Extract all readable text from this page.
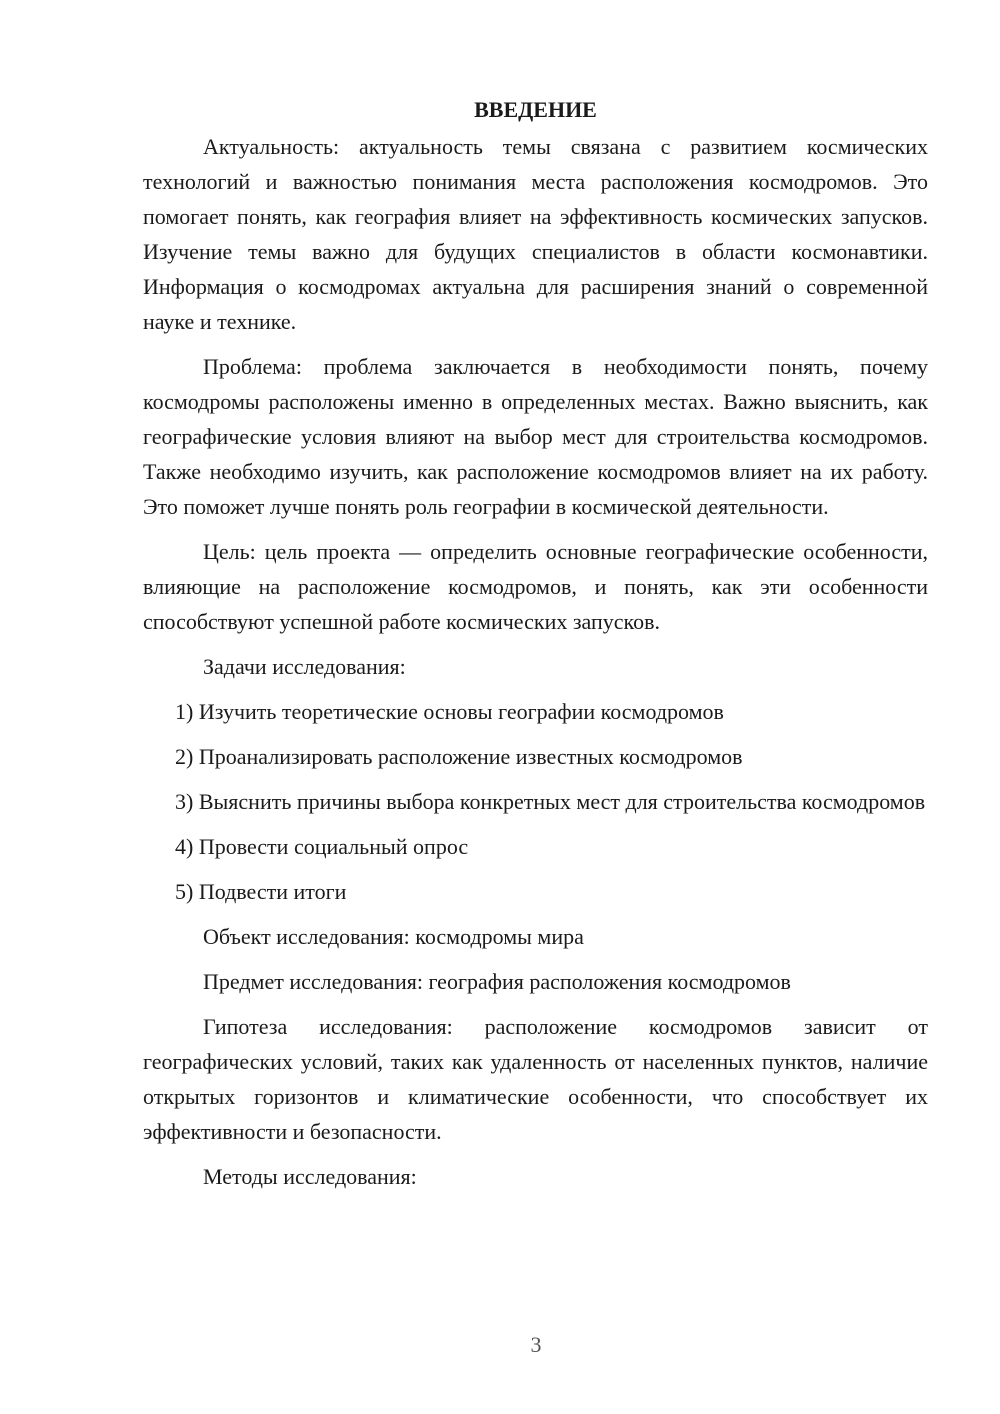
ВВЕДЕНИЕ

Актуальность: актуальность темы связана с развитием космических технологий и важностью понимания места расположения космодромов. Это помогает понять, как география влияет на эффективность космических запусков. Изучение темы важно для будущих специалистов в области космонавтики. Информация о космодромах актуальна для расширения знаний о современной науке и технике.

Проблема: проблема заключается в необходимости понять, почему космодромы расположены именно в определенных местах. Важно выяснить, как географические условия влияют на выбор мест для строительства космодромов. Также необходимо изучить, как расположение космодромов влияет на их работу. Это поможет лучше понять роль географии в космической деятельности.

Цель: цель проекта — определить основные географические особенности, влияющие на расположение космодромов, и понять, как эти особенности способствуют успешной работе космических запусков.

Задачи исследования:

1) Изучить теоретические основы географии космодромов

2) Проанализировать расположение известных космодромов

3) Выяснить причины выбора конкретных мест для строительства космодромов

4) Провести социальный опрос

5) Подвести итоги

Объект исследования: космодромы мира

Предмет исследования: география расположения космодромов

Гипотеза исследования: расположение космодромов зависит от географических условий, таких как удаленность от населенных пунктов, наличие открытых горизонтов и климатические особенности, что способствует их эффективности и безопасности.

Методы исследования:

3
